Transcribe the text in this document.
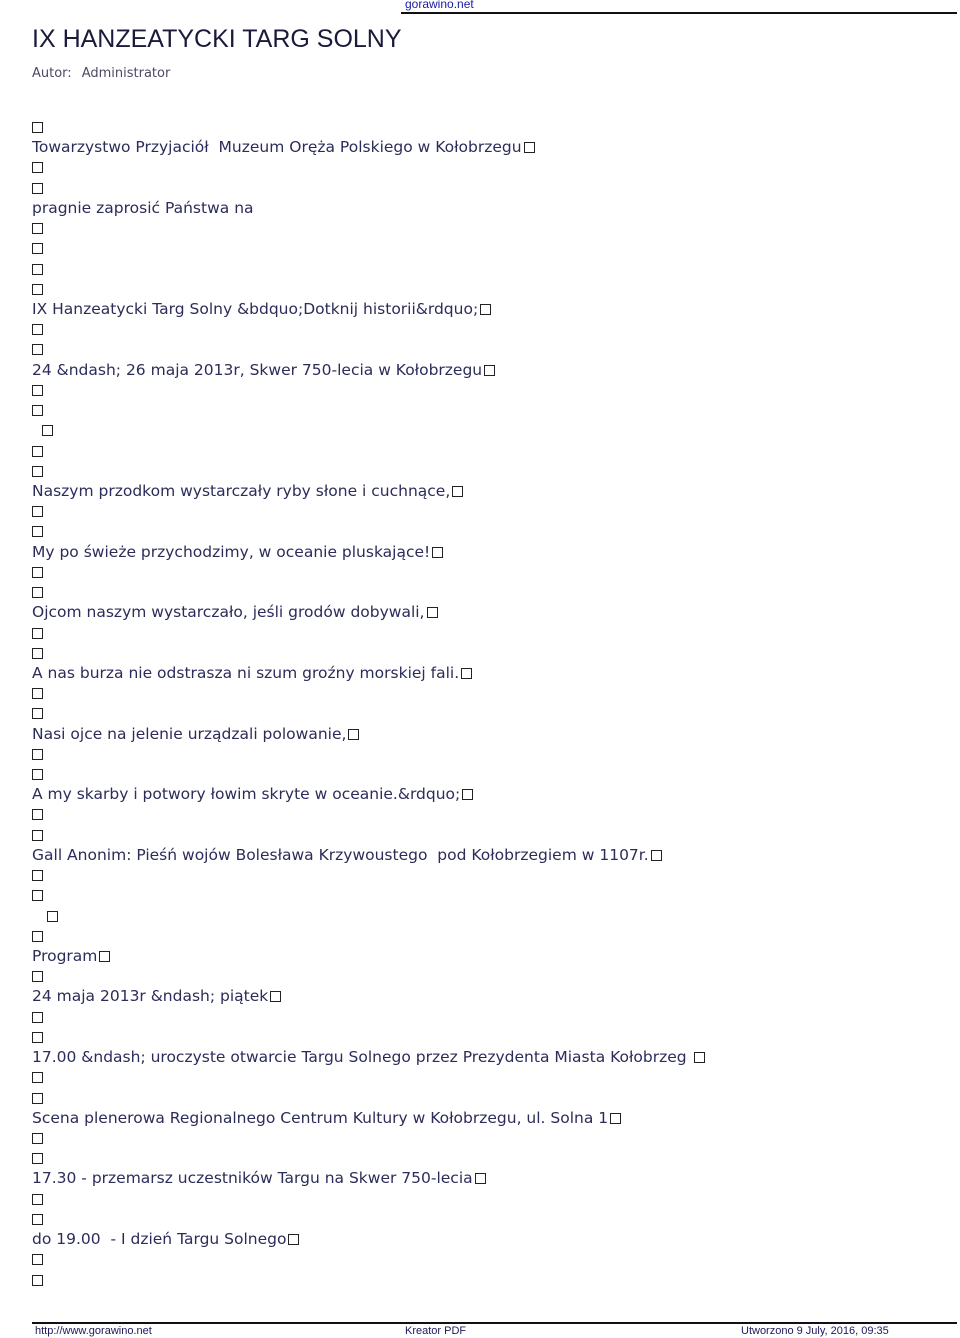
gorawino.net
IX HANZEATYCKI TARG SOLNY
Autor: Administrator
Towarzystwo Przyjaciół  Muzeum Oręża Polskiego w Kołobrzegu
pragnie zaprosić Państwa na
IX Hanzeatycki Targ Solny &bdquo;Dotknij historii&rdquo;
24 &ndash; 26 maja 2013r, Skwer 750-lecia w Kołobrzegu

Naszym przodkom wystarczały ryby słone i cuchnące,
My po świeże przychodzimy, w oceanie pluskające!
Ojcom naszym wystarczało, jeśli grodów dobywali,
A nas burza nie odstrasza ni szum groźny morskiej fali.
Nasi ojce na jelenie urządzali polowanie,
A my skarby i potwory łowim skryte w oceanie.&rdquo;
Gall Anonim: Pieśń wojów Bolesława Krzywoustego  pod Kołobrzegiem w 1107r.

Program
24 maja 2013r &ndash; piątek
17.00 &ndash; uroczyste otwarcie Targu Solnego przez Prezydenta Miasta Kołobrzeg
Scena plenerowa Regionalnego Centrum Kultury w Kołobrzegu, ul. Solna 1
17.30 - przemarsz uczestników Targu na Skwer 750-lecia
do 19.00  - I dzień Targu Solnego
http://www.gorawino.net	Kreator PDF	Utworzono 9 July, 2016, 09:35
